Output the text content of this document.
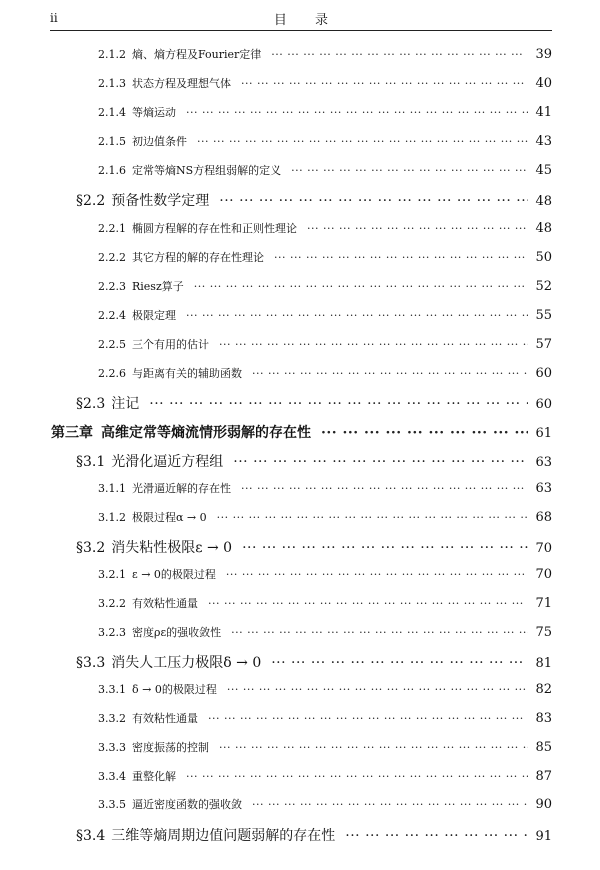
ii	目 录
2.1.2 熵、熵方程及Fourier定律 ··· ·	39
2.1.3 状态方程及理想气体 ··· ·	40
2.1.4 等熵运动 ··· ·	41
2.1.5 初边值条件 ··· ·	43
2.1.6 定常等熵NS方程组弱解的定义 ··· ·	45
§2.2 预备性数学定理 ··· ·	48
2.2.1 椭圆方程解的存在性和正则性理论 ··· ·	48
2.2.2 其它方程的解的存在性理论 ··· ·	50
2.2.3 Riesz算子 ··· ·	52
2.2.4 极限定理 ··· ·	55
2.2.5 三个有用的估计 ··· ·	57
2.2.6 与距离有关的辅助函数 ··· ·	60
§2.3 注记 ··· ·	60
第三章 高维定常等熵流情形弱解的存在性 ··· ·	61
§3.1 光滑化逼近方程组 ··· ·	63
3.1.1 光滑逼近解的存在性 ··· ·	63
3.1.2 极限过程α → 0 ··· ·	68
§3.2 消失粘性极限ε → 0 ··· ·	70
3.2.1 ε → 0的极限过程 ··· ·	70
3.2.2 有效粘性通量 ··· ·	71
3.2.3 密度ρε的强收敛性 ··· ·	75
§3.3 消失人工压力极限δ → 0 ··· ·	81
3.3.1 δ → 0的极限过程 ··· ·	82
3.3.2 有效粘性通量 ··· ·	83
3.3.3 密度振荡的控制 ··· ·	85
3.3.4 重整化解 ··· ·	87
3.3.5 逼近密度函数的强收敛 ··· ·	90
§3.4 三维等熵周期边值问题弱解的存在性 ··· ·	91
